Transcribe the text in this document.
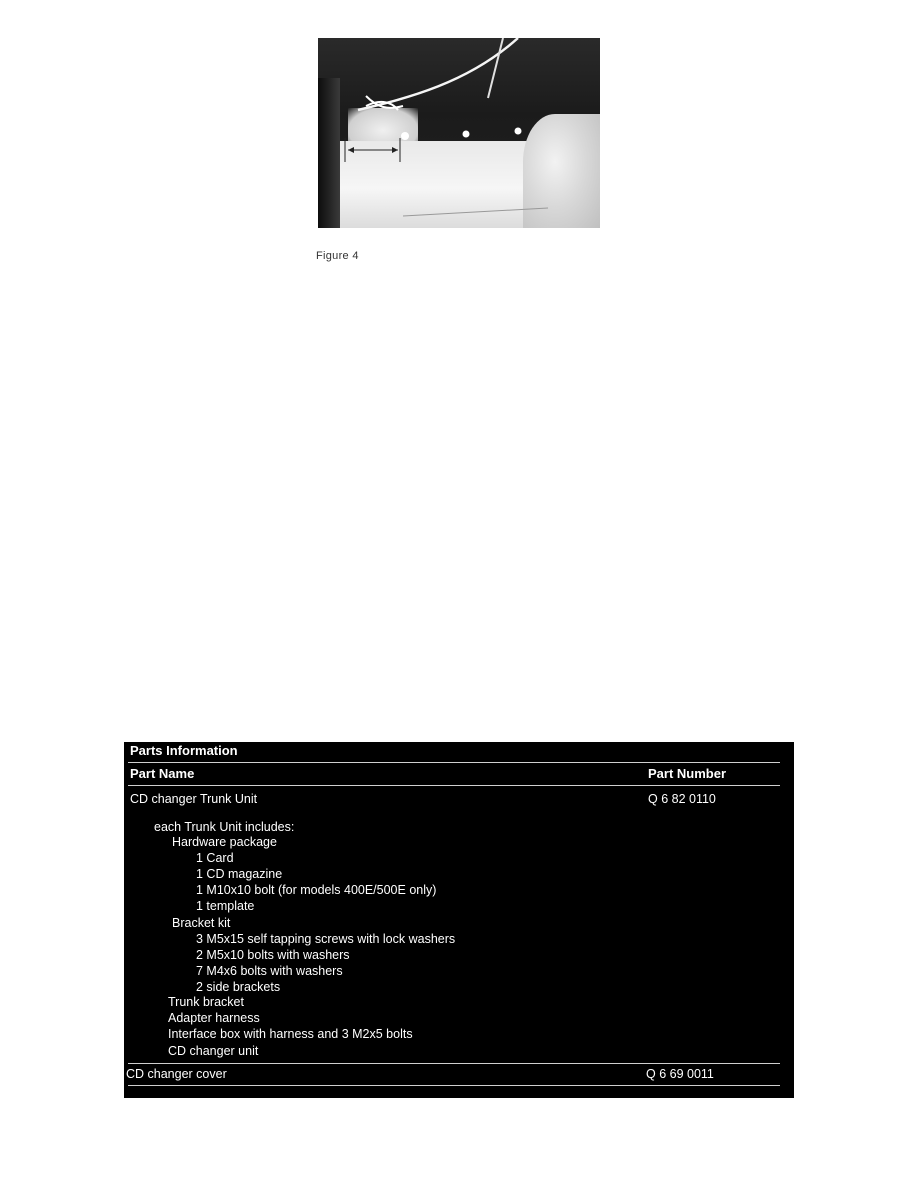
Figure 4
Parts Information
Part Name	Part Number
CD changer Trunk Unit	Q 6 82 0110
each Trunk Unit includes:
Hardware package
1 Card
1 CD magazine
1 M10x10 bolt (for models 400E/500E only)
1 template
Bracket kit
3 M5x15 self tapping screws with lock washers
2 M5x10 bolts with washers
7 M4x6 bolts with washers
2 side brackets
Trunk bracket
Adapter harness
Interface box with harness and 3 M2x5 bolts
CD changer unit
CD changer cover	Q 6 69 0011
